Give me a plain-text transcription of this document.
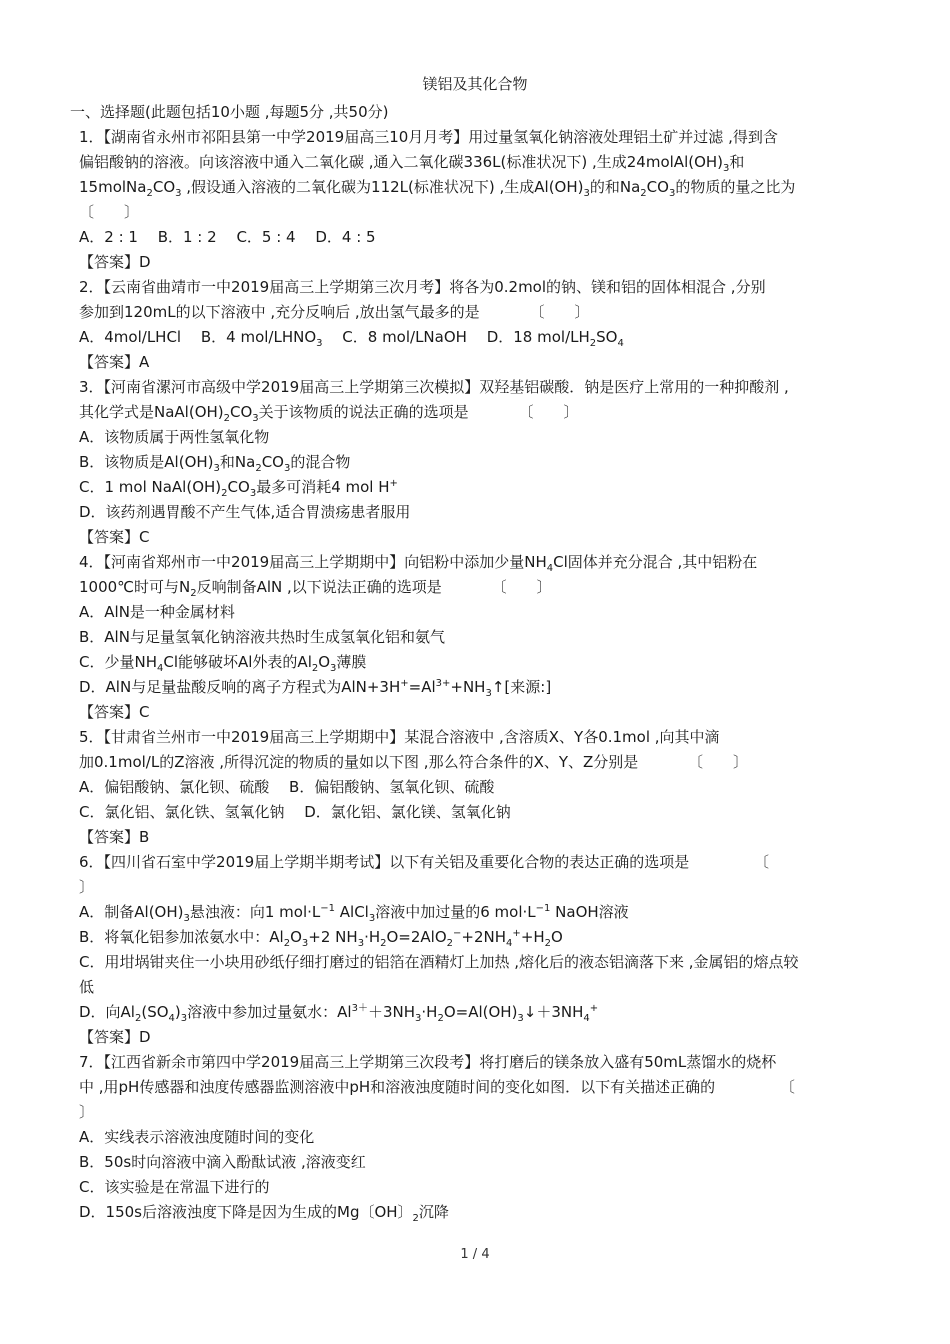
镁铝及其化合物

一、选择题(此题包括10小题 ,每题5分 ,共50分)

1．【湖南省永州市祁阳县第一中学2019届高三10月月考】用过量氢氧化钠溶液处理铝土矿并过滤 ,得到含

偏铝酸钠的溶液。向该溶液中通入二氧化碳 ,通入二氧化碳336L(标准状况下) ,生成$24molAl(OH)_3$和

$15molNa_2CO_3$ ,假设通入溶液的二氧化碳为112L(标准状况下) ,生成$Al(OH)_3$的和$Na_2CO_3$的物质的量之比为

〔　　〕

A．2 : 1　 B．1 : 2　 C．5 : 4　 D．4 : 5

【答案】D

2．【云南省曲靖市一中2019届高三上学期第三次月考】将各为0.2mol的钠、镁和铝的固体相混合 ,分别

参加到120mL的以下溶液中 ,充分反响后 ,放出氢气最多的是　　　 〔　　〕

A．4mol/LHCl　 B．4 mol/$LHNO_3$　 C．8 mol/LNaOH　 D．18 mol/$LH_2SO_4$

【答案】A

3．【河南省漯河市高级中学2019届高三上学期第三次模拟】双羟基铝碳酸．钠是医疗上常用的一种抑酸剂 ,

其化学式是$NaAl(OH)_2CO_3$关于该物质的说法正确的选项是　　　 〔　　〕

A．该物质属于两性氢氧化物

B．该物质是$Al(OH)_3$和$Na_2CO_3$的混合物

C．1 mol $NaAl(OH)_2CO_3$最多可消耗4 mol H+

D．该药剂遇胃酸不产生气体,适合胃溃疡患者服用

【答案】C

4．【河南省郑州市一中2019届高三上学期期中】向铝粉中添加少量$NH_4Cl$固体并充分混合 ,其中铝粉在

1000℃时可与$N_2$反响制备AlN ,以下说法正确的选项是　　　 〔　　〕

A．AlN是一种金属材料

B．AlN与足量氢氧化钠溶液共热时生成氢氧化铝和氨气

C．少量$NH_4Cl$能够破坏Al外表的$Al_2O_3$薄膜

D．AlN与足量盐酸反响的离子方程式为$AlN+3H^+=Al^{3+}+NH_3↑$[来源:]

【答案】C

5．【甘肃省兰州市一中2019届高三上学期期中】某混合溶液中 ,含溶质X、Y各0.1mol ,向其中滴

加0.1mol/L的Z溶液 ,所得沉淀的物质的量如以下图 ,那么符合条件的X、Y、Z分别是　　　 〔　　〕

A．偏铝酸钠、氯化钡、硫酸　 B．偏铝酸钠、氢氧化钡、硫酸

C．氯化铝、氯化铁、氢氧化钠　 D．氯化铝、氯化镁、氢氧化钠

【答案】B

6．【四川省石室中学2019届上学期半期考试】以下有关铝及重要化合物的表达正确的选项是　　　　 〔

〕

A．制备$Al(OH)_3$悬浊液：向1 $mol\cdot L^{-1}$ AlCl$_3$溶液中加过量的6 $mol\cdot L^{-1}$ NaOH溶液

B．将氧化铝参加浓氨水中：$Al_2O_3+2$ $NH_3\cdot H_2O=2AlO_2^-+2NH_4^++H_2O$

C．用坩埚钳夹住一小块用砂纸仔细打磨过的铝箔在酒精灯上加热 ,熔化后的液态铝滴落下来 ,金属铝的熔点较

低

D．向$Al_2(SO_4)_3$溶液中参加过量氨水：$Al^{3+}+3NH_3\cdot H_2O=Al(OH)_3↓+3NH_4^+$

【答案】D

7．【江西省新余市第四中学2019届高三上学期第三次段考】将打磨后的镁条放入盛有50mL蒸馏水的烧杯

中 ,用pH传感器和浊度传感器监测溶液中pH和溶液浊度随时间的变化如图．以下有关描述正确的　　　　 〔

〕

A．实线表示溶液浊度随时间的变化

B．50s时向溶液中滴入酚酞试液 ,溶液变红

C．该实验是在常温下进行的

D．150s后溶液浊度下降是因为生成的Mg〔OH〕$_2$沉降

1 / 4
